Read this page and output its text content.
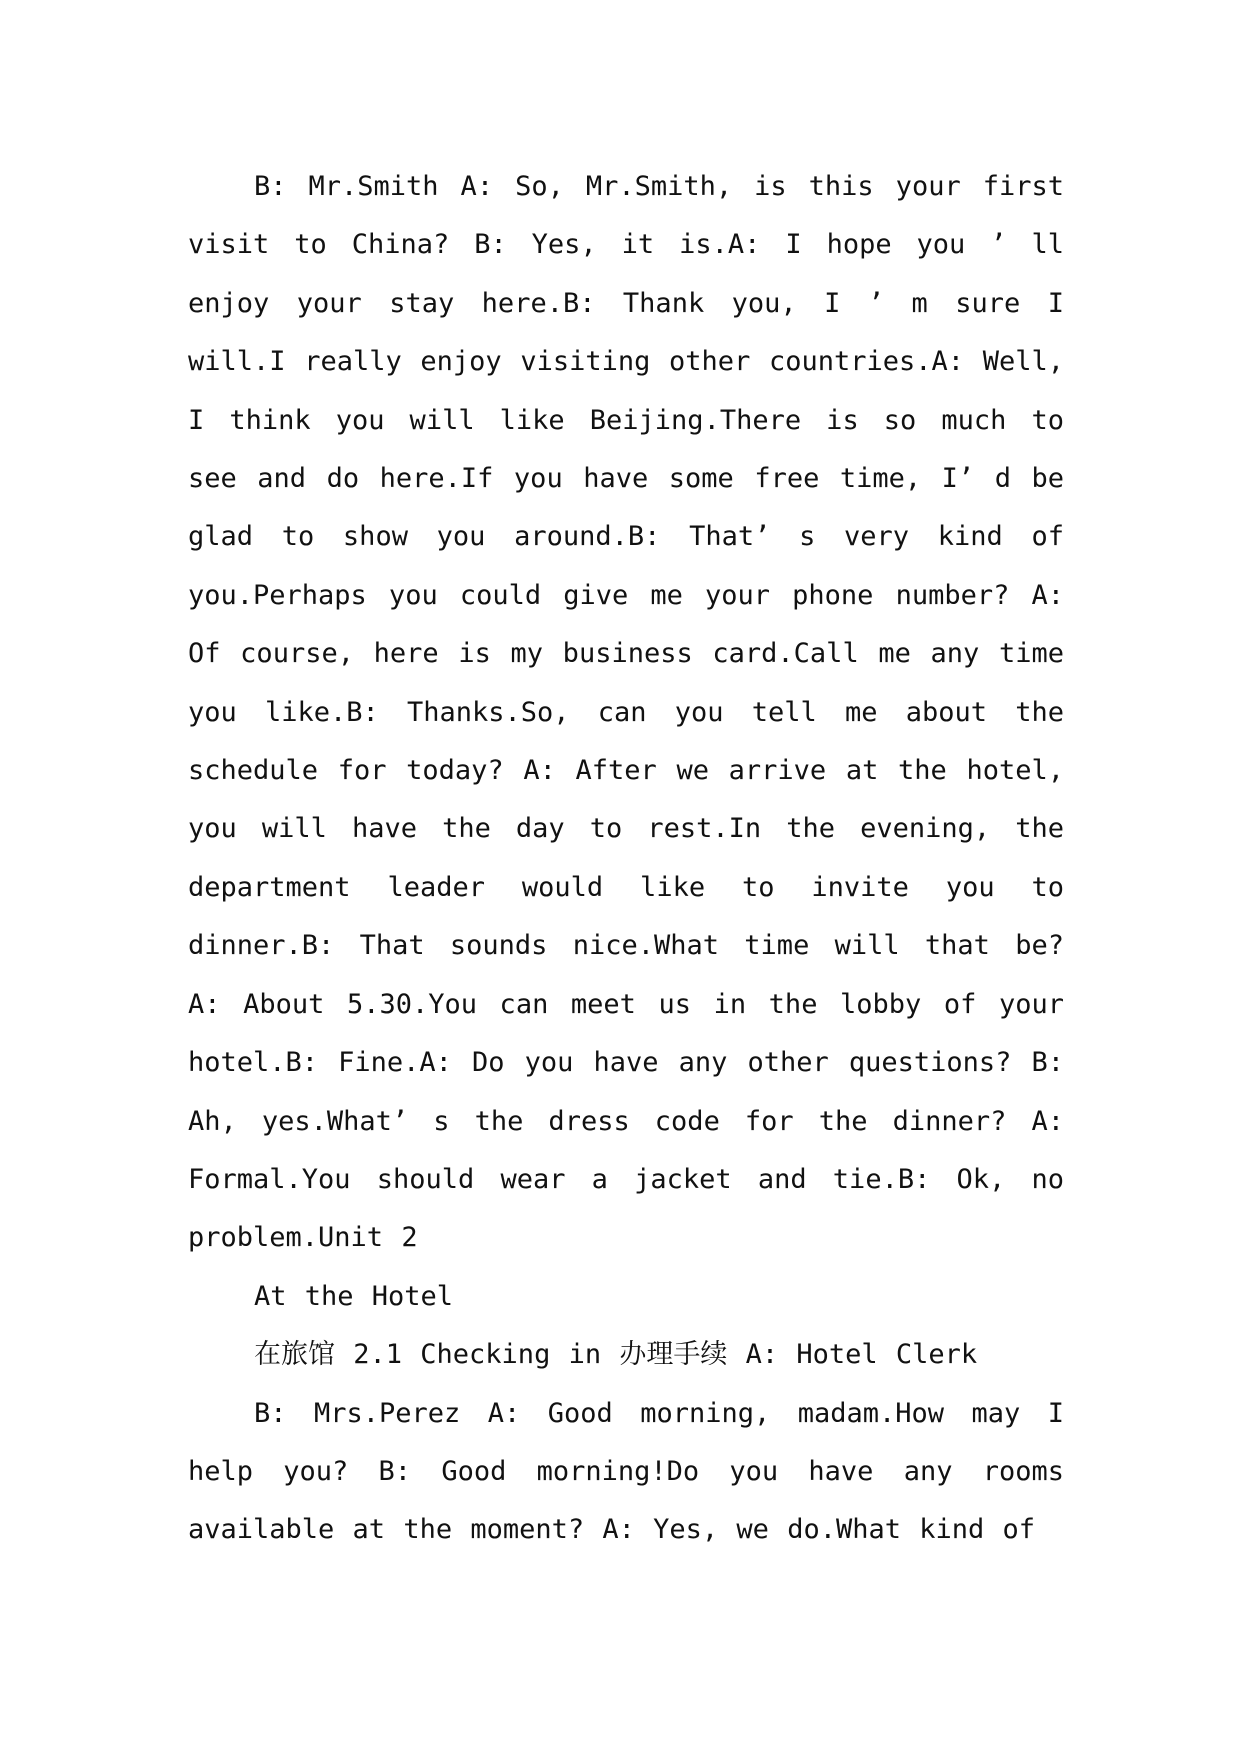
B: Mr.Smith A: So, Mr.Smith, is this your first visit to China? B: Yes, it is.A: I hope you ’ ll enjoy your stay here.B: Thank you, I ’ m sure I will.I really enjoy visiting other countries.A: Well, I think you will like Beijing.There is so much to see and do here.If you have some free time, I’ d be glad to show you around.B: That’ s very kind of you.Perhaps you could give me your phone number? A: Of course, here is my business card.Call me any time you like.B: Thanks.So, can you tell me about the schedule for today? A: After we arrive at the hotel, you will have the day to rest.In the evening, the department leader would like to invite you to dinner.B: That sounds nice.What time will that be? A: About 5.30.You can meet us in the lobby of your hotel.B: Fine.A: Do you have any other questions? B: Ah, yes.What’ s the dress code for the dinner? A: Formal.You should wear a jacket and tie.B: Ok, no problem.Unit 2

At the Hotel

在旅馆 2.1 Checking in 办理手续 A: Hotel Clerk

B: Mrs.Perez A: Good morning, madam.How may I help you? B: Good morning!Do you have any rooms available at the moment? A: Yes, we do.What kind of
